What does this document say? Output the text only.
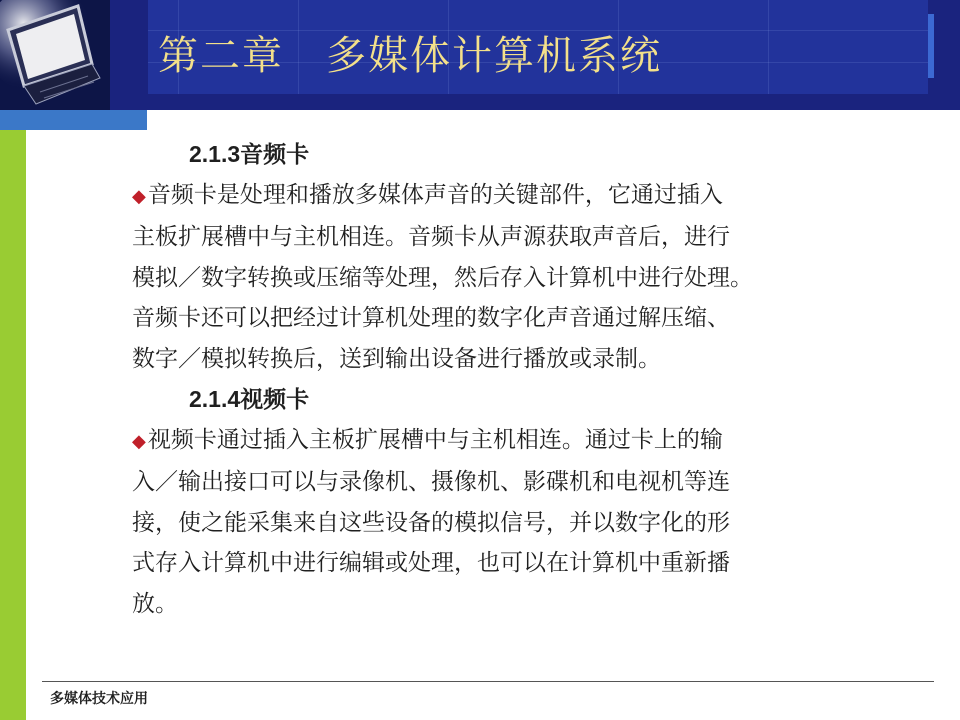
第二章　多媒体计算机系统
2.1.3音频卡
◆音频卡是处理和播放多媒体声音的关键部件，它通过插入
主板扩展槽中与主机相连。音频卡从声源获取声音后，进行
模拟／数字转换或压缩等处理，然后存入计算机中进行处理。
音频卡还可以把经过计算机处理的数字化声音通过解压缩、
数字／模拟转换后，送到输出设备进行播放或录制。
2.1.4视频卡
◆视频卡通过插入主板扩展槽中与主机相连。通过卡上的输
入／输出接口可以与录像机、摄像机、影碟机和电视机等连
接，使之能采集来自这些设备的模拟信号，并以数字化的形
式存入计算机中进行编辑或处理，也可以在计算机中重新播
放。
多媒体技术应用
